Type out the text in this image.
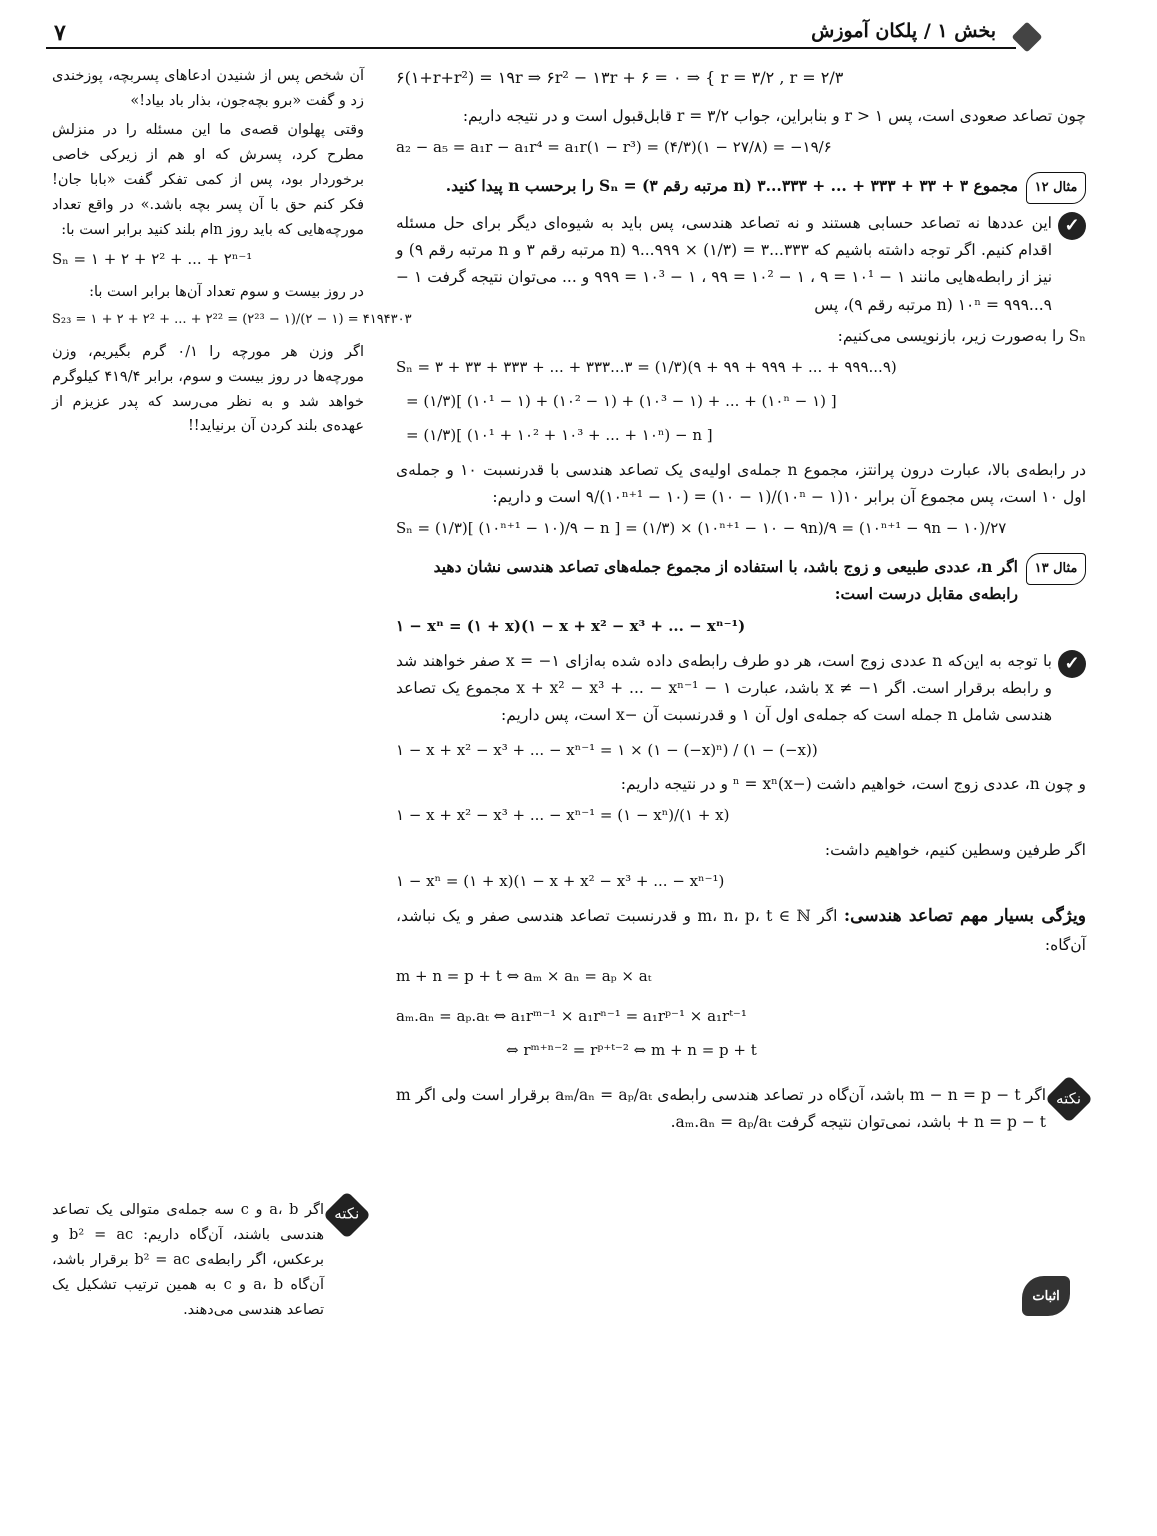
۷	بخش ۱ / پلکان آموزش
۶(۱+r+r²) = ۱۹r ⇒ ۶r² − ۱۳r + ۶ = ۰ ⇒ { r = ۳/۲ , r = ۲/۳

چون تصاعد صعودی است، پس r > ۱ و بنابراین، جواب r = ۳/۲ قابل‌قبول است و در نتیجه داریم:

a₂ − a₅ = a₁r − a₁r⁴ = a₁r(۱ − r³) = (۴/۳)(۱ − ۲۷/۸) = −۱۹/۶
مثال ۱۲
مجموع ۳ + ۳۳ + ۳۳۳ + ... + ۳۳۳...۳ (n مرتبه رقم ۳) = Sₙ را برحسب n پیدا کنید.
✓

این عددها نه تصاعد حسابی هستند و نه تصاعد هندسی، پس باید به شیوه‌ای دیگر برای حل مسئله اقدام کنیم. اگر توجه داشته باشیم که ۳۳۳...۳ = (۱/۳) × ۹۹۹...۹ (n مرتبه رقم ۳ و n مرتبه رقم ۹) و نیز از رابطه‌هایی مانند ۱ − ۱۰¹ = ۹ ، ۱ − ۱۰² = ۹۹ ، ۱ − ۱۰³ = ۹۹۹ و ... می‌توان نتیجه گرفت ۱ − ۱۰ⁿ = ۹۹۹...۹ (n مرتبه رقم ۹)، پس

Sₙ را به‌صورت زیر، بازنویسی می‌کنیم:

Sₙ = ۳ + ۳۳ + ۳۳۳ + ... + ۳۳۳...۳ = (۱/۳)(۹ + ۹۹ + ۹۹۹ + ... + ۹۹۹...۹)
= (۱/۳)[ (۱۰¹ − ۱) + (۱۰² − ۱) + (۱۰³ − ۱) + ... + (۱۰ⁿ − ۱) ]
= (۱/۳)[ (۱۰¹ + ۱۰² + ۱۰³ + ... + ۱۰ⁿ) − n ]

در رابطه‌ی بالا، عبارت درون پرانتز، مجموع n جمله‌ی اولیه‌ی یک تصاعد هندسی با قدرنسبت ۱۰ و جمله‌ی اول ۱۰ است، پس مجموع آن برابر ۱۰(۱۰ⁿ − ۱)/(۱۰ − ۱) = (۱۰ⁿ⁺¹ − ۱۰)/۹ است و داریم:

Sₙ = (۱/۳)[ (۱۰ⁿ⁺¹ − ۱۰)/۹ − n ] = (۱/۳) × (۱۰ⁿ⁺¹ − ۱۰ − ۹n)/۹ = (۱۰ⁿ⁺¹ − ۹n − ۱۰)/۲۷
مثال ۱۳
اگر n، عددی طبیعی و زوج باشد، با استفاده از مجموع جمله‌های تصاعد هندسی نشان دهید رابطه‌ی مقابل درست است:
۱ − xⁿ = (۱ + x)(۱ − x + x² − x³ + ... − xⁿ⁻¹)
✓

با توجه به این‌که n عددی زوج است، هر دو طرف رابطه‌ی داده شده به‌ازای x = −۱ صفر خواهند شد و رابطه برقرار است. اگر x ≠ −۱ باشد، عبارت ۱ − x + x² − x³ + ... − xⁿ⁻¹ مجموع یک تصاعد هندسی شامل n جمله است که جمله‌ی اول آن ۱ و قدرنسبت آن −x است، پس داریم:

۱ − x + x² − x³ + ... − xⁿ⁻¹ = ۱ × (۱ − (−x)ⁿ) / (۱ − (−x))

و چون n، عددی زوج است، خواهیم داشت (−x)ⁿ = xⁿ و در نتیجه داریم:

۱ − x + x² − x³ + ... − xⁿ⁻¹ = (۱ − xⁿ)/(۱ + x)

اگر طرفین وسطین کنیم، خواهیم داشت:

۱ − xⁿ = (۱ + x)(۱ − x + x² − x³ + ... − xⁿ⁻¹)

ویژگی بسیار مهم تصاعد هندسی: اگر m، n، p، t ∈ ℕ و قدرنسبت تصاعد هندسی صفر و یک نباشد، آن‌گاه:

m + n = p + t ⇔ aₘ × aₙ = aₚ × aₜ
aₘ.aₙ = aₚ.aₜ ⇔ a₁rᵐ⁻¹ × a₁rⁿ⁻¹ = a₁rᵖ⁻¹ × a₁rᵗ⁻¹
⇔ rᵐ⁺ⁿ⁻² = rᵖ⁺ᵗ⁻² ⇔ m + n = p + t
نکته

اگر m − n = p − t باشد، آن‌گاه در تصاعد هندسی رابطه‌ی aₘ/aₙ = aₚ/aₜ برقرار است ولی اگر m + n = p − t باشد، نمی‌توان نتیجه گرفت aₘ.aₙ = aₚ/aₜ.

اثبات

آن شخص پس از شنیدن ادعاهای پسربچه، پوزخندی زد و گفت «برو بچه‌جون، بذار باد بیاد!»

وقتی پهلوان قصه‌ی ما این مسئله را در منزلش مطرح کرد، پسرش که او هم از زیرکی خاصی برخوردار بود، پس از کمی تفکر گفت «بابا جان! فکر کنم حق با آن پسر بچه باشد.» در واقع تعداد مورچه‌هایی که باید روز nام بلند کنید برابر است با:

Sₙ = ۱ + ۲ + ۲² + ... + ۲ⁿ⁻¹

در روز بیست و سوم تعداد آن‌ها برابر است با:

S₂₃ = ۱ + ۲ + ۲² + ... + ۲²² = (۲²³ − ۱)/(۲ − ۱) = ۴۱۹۴۳۰۳

اگر وزن هر مورچه را ۰/۱ گرم بگیریم، وزن مورچه‌ها در روز بیست و سوم، برابر ۴۱۹/۴ کیلوگرم خواهد شد و به نظر می‌رسد که پدر عزیزم از عهده‌ی بلند کردن آن برنیاید!!

نکته

اگر a، b و c سه جمله‌ی متوالی یک تصاعد هندسی باشند، آن‌گاه داریم: b² = ac و برعکس، اگر رابطه‌ی b² = ac برقرار باشد، آن‌گاه a، b و c به همین ترتیب تشکیل یک تصاعد هندسی می‌دهند.
